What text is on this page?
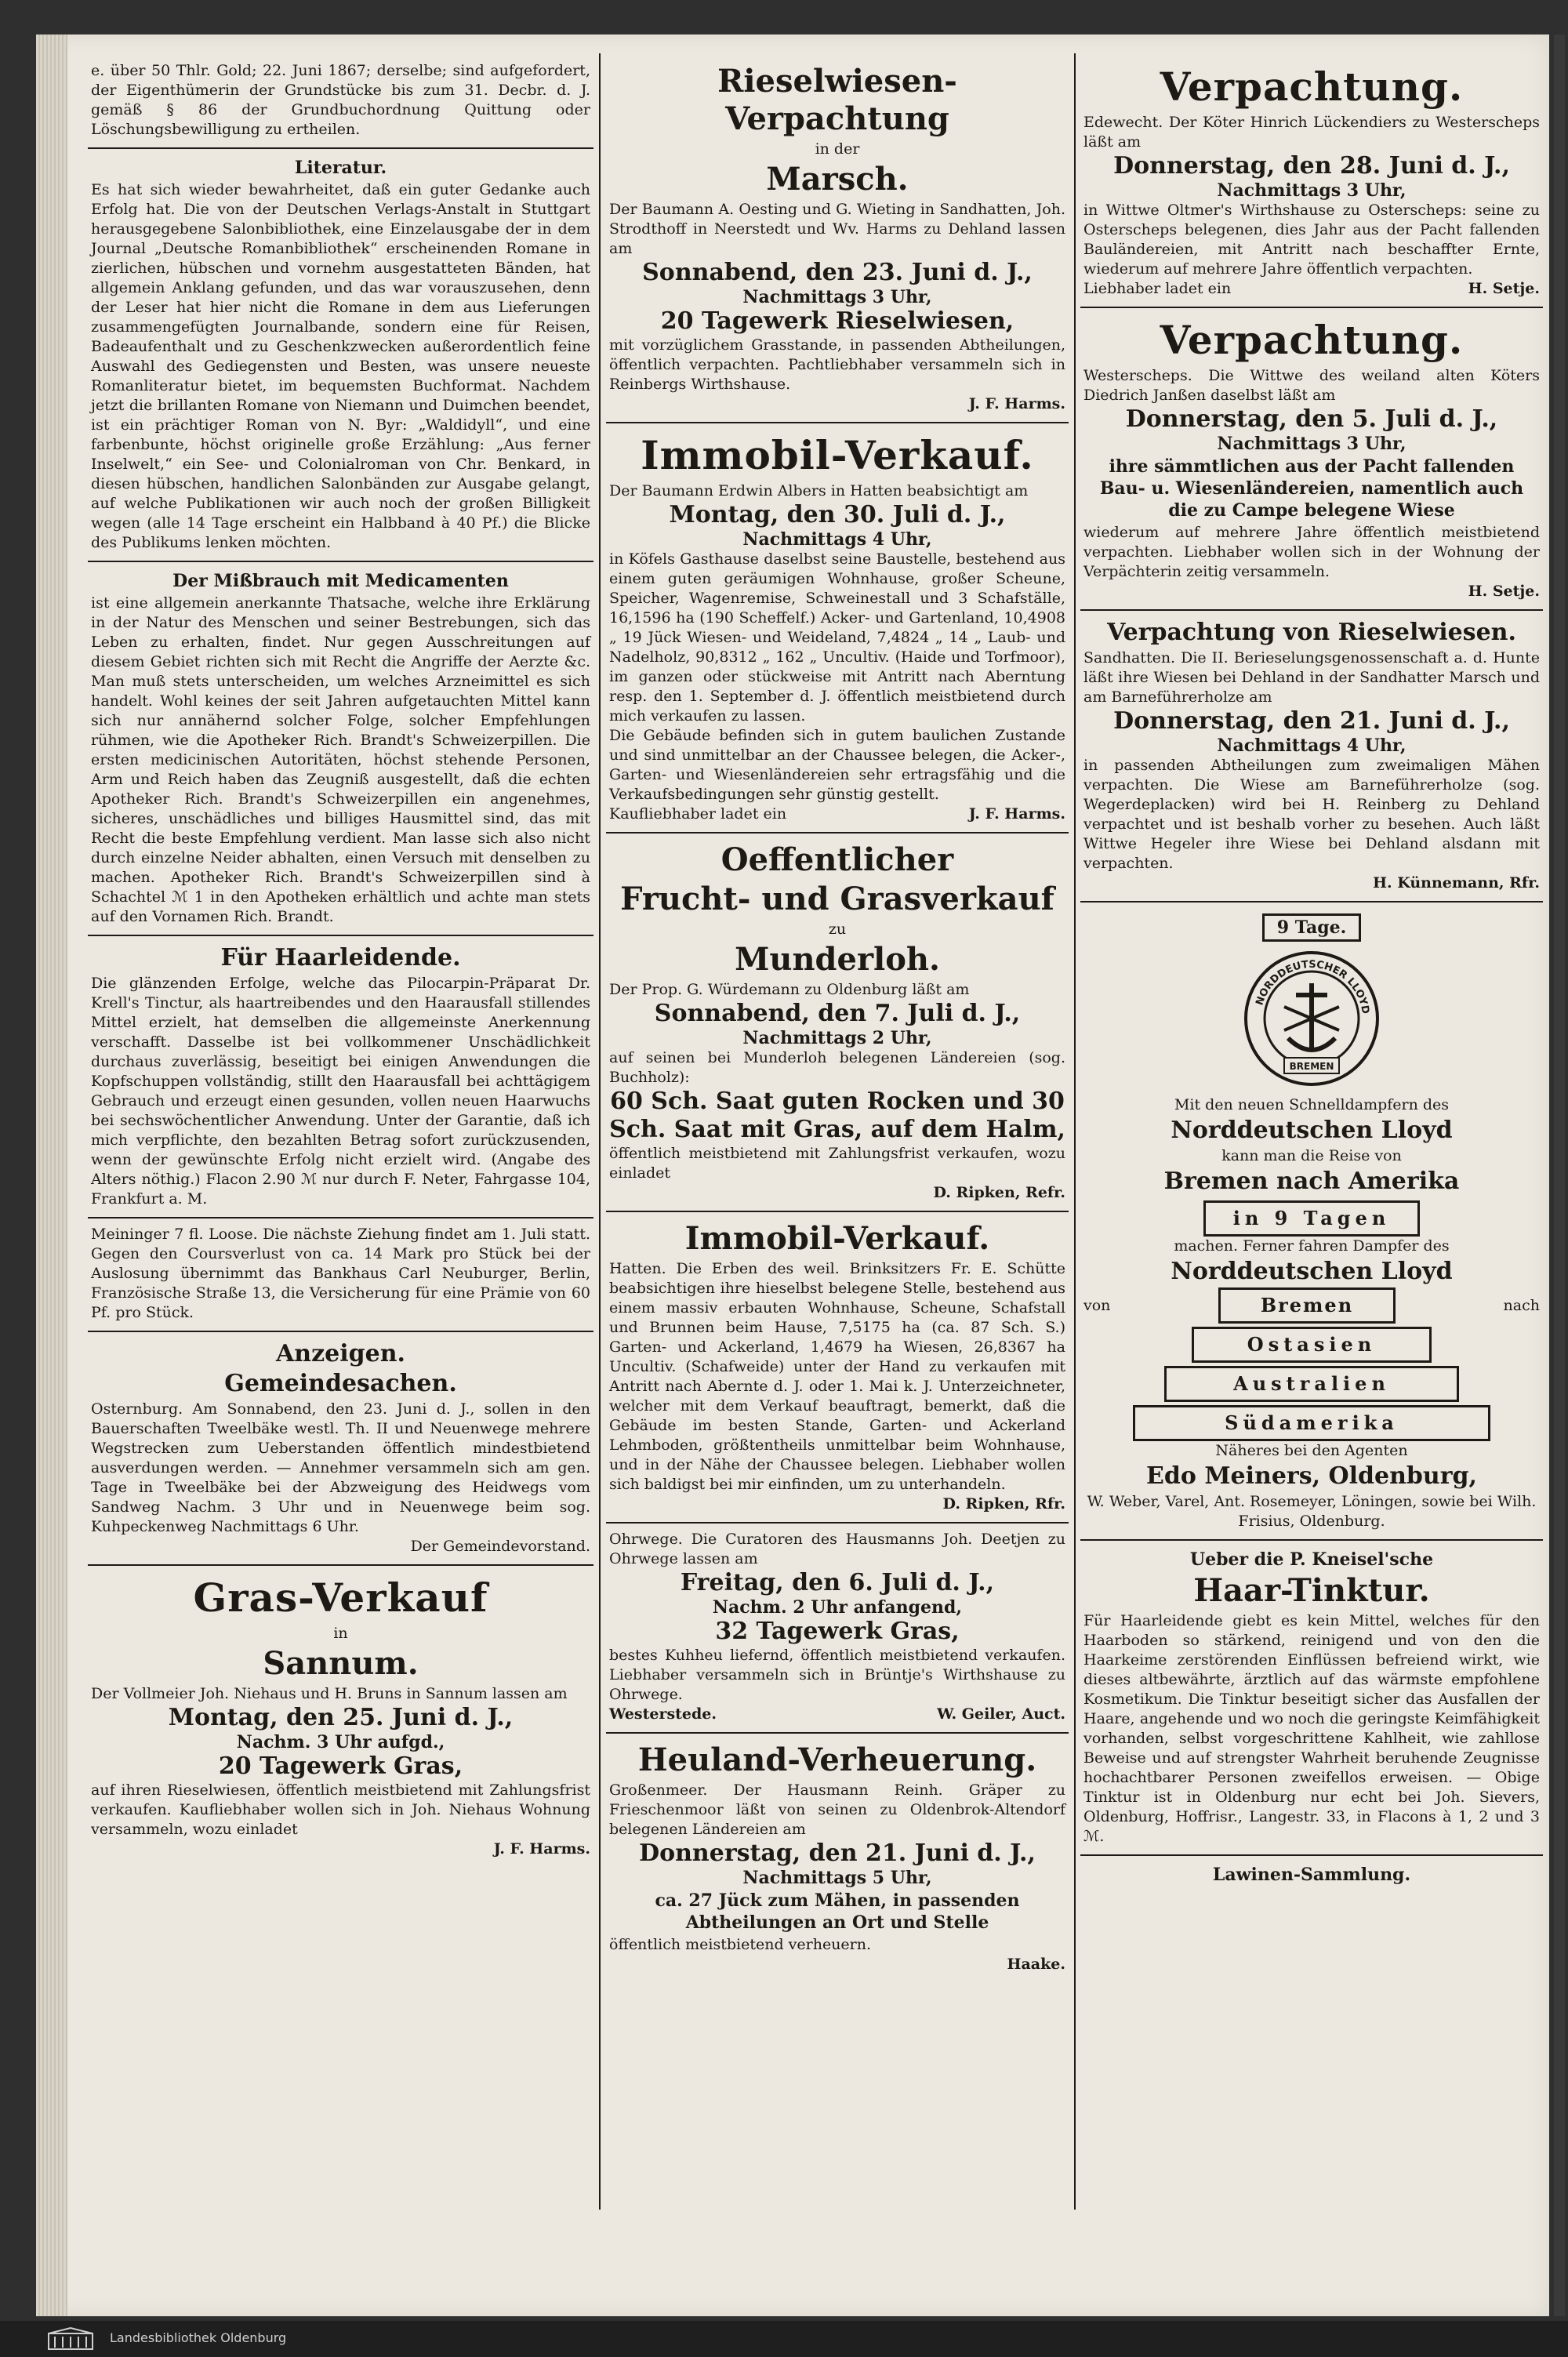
e. über 50 Thlr. Gold; 22. Juni 1867; derselbe; sind aufgefordert, der Eigenthümerin der Grundstücke bis zum 31. Decbr. d. J. gemäß § 86 der Grundbuchordnung Quittung oder Löschungsbewilligung zu ertheilen.

Literatur.

Es hat sich wieder bewahrheitet, daß ein guter Gedanke auch Erfolg hat. Die von der Deutschen Verlags-Anstalt in Stuttgart herausgegebene Salonbibliothek, eine Einzelausgabe der in dem Journal „Deutsche Romanbibliothek“ erscheinenden Romane in zierlichen, hübschen und vornehm ausgestatteten Bänden, hat allgemein Anklang gefunden, und das war vorauszusehen, denn der Leser hat hier nicht die Romane in dem aus Lieferungen zusammengefügten Journalbande, sondern eine für Reisen, Badeaufenthalt und zu Geschenkzwecken außerordentlich feine Auswahl des Gediegensten und Besten, was unsere neueste Romanliteratur bietet, im bequemsten Buchformat. Nachdem jetzt die brillanten Romane von Niemann und Duimchen beendet, ist ein prächtiger Roman von N. Byr: „Waldidyll“, und eine farbenbunte, höchst originelle große Erzählung: „Aus ferner Inselwelt,“ ein See- und Colonialroman von Chr. Benkard, in diesen hübschen, handlichen Salonbänden zur Ausgabe gelangt, auf welche Publikationen wir auch noch der großen Billigkeit wegen (alle 14 Tage erscheint ein Halbband à 40 Pf.) die Blicke des Publikums lenken möchten.

Der Mißbrauch mit Medicamenten

ist eine allgemein anerkannte Thatsache, welche ihre Erklärung in der Natur des Menschen und seiner Bestrebungen, sich das Leben zu erhalten, findet. Nur gegen Ausschreitungen auf diesem Gebiet richten sich mit Recht die Angriffe der Aerzte &c. Man muß stets unterscheiden, um welches Arzneimittel es sich handelt. Wohl keines der seit Jahren aufgetauchten Mittel kann sich nur annähernd solcher Folge, solcher Empfehlungen rühmen, wie die Apotheker Rich. Brandt's Schweizerpillen. Die ersten medicinischen Autoritäten, höchst stehende Personen, Arm und Reich haben das Zeugniß ausgestellt, daß die echten Apotheker Rich. Brandt's Schweizerpillen ein angenehmes, sicheres, unschädliches und billiges Hausmittel sind, das mit Recht die beste Empfehlung verdient. Man lasse sich also nicht durch einzelne Neider abhalten, einen Versuch mit denselben zu machen. Apotheker Rich. Brandt's Schweizerpillen sind à Schachtel ℳ 1 in den Apotheken erhältlich und achte man stets auf den Vornamen Rich. Brandt.

Für Haarleidende.

Die glänzenden Erfolge, welche das Pilocarpin-Präparat Dr. Krell's Tinctur, als haartreibendes und den Haarausfall stillendes Mittel erzielt, hat demselben die allgemeinste Anerkennung verschafft. Dasselbe ist bei vollkommener Unschädlichkeit durchaus zuverlässig, beseitigt bei einigen Anwendungen die Kopfschuppen vollständig, stillt den Haarausfall bei achttägigem Gebrauch und erzeugt einen gesunden, vollen neuen Haarwuchs bei sechswöchentlicher Anwendung. Unter der Garantie, daß ich mich verpflichte, den bezahlten Betrag sofort zurückzusenden, wenn der gewünschte Erfolg nicht erzielt wird. (Angabe des Alters nöthig.) Flacon 2.90 ℳ nur durch F. Neter, Fahrgasse 104, Frankfurt a. M.

Meininger 7 fl. Loose. Die nächste Ziehung findet am 1. Juli statt. Gegen den Coursverlust von ca. 14 Mark pro Stück bei der Auslosung übernimmt das Bankhaus Carl Neuburger, Berlin, Französische Straße 13, die Versicherung für eine Prämie von 60 Pf. pro Stück.

Anzeigen.
Gemeindesachen.

Osternburg. Am Sonnabend, den 23. Juni d. J., sollen in den Bauerschaften Tweelbäke westl. Th. II und Neuenwege mehrere Wegstrecken zum Ueberstanden öffentlich mindestbietend ausverdungen werden. — Annehmer versammeln sich am gen. Tage in Tweelbäke bei der Abzweigung des Heidwegs vom Sandweg Nachm. 3 Uhr und in Neuenwege beim sog. Kuhpeckenweg Nachmittags 6 Uhr.

Der Gemeindevorstand.

Gras-Verkauf

in

Sannum.

Der Vollmeier Joh. Niehaus und H. Bruns in Sannum lassen am

Montag, den 25. Juni d. J.,
Nachm. 3 Uhr aufgd.,
20 Tagewerk Gras,

auf ihren Rieselwiesen, öffentlich meistbietend mit Zahlungsfrist verkaufen. Kaufliebhaber wollen sich in Joh. Niehaus Wohnung versammeln, wozu einladet

J. F. Harms.

Rieselwiesen-Verpachtung

in der

Marsch.

Der Baumann A. Oesting und G. Wieting in Sandhatten, Joh. Strodthoff in Neerstedt und Wv. Harms zu Dehland lassen am

Sonnabend, den 23. Juni d. J.,
Nachmittags 3 Uhr,
20 Tagewerk Rieselwiesen,

mit vorzüglichem Grasstande, in passenden Abtheilungen, öffentlich verpachten. Pachtliebhaber versammeln sich in Reinbergs Wirthshause.

J. F. Harms.

Immobil-Verkauf.

Der Baumann Erdwin Albers in Hatten beabsichtigt am

Montag, den 30. Juli d. J.,
Nachmittags 4 Uhr,

in Köfels Gasthause daselbst seine Baustelle, bestehend aus einem guten geräumigen Wohnhause, großer Scheune, Speicher, Wagenremise, Schweinestall und 3 Schafställe, 16,1596 ha (190 Scheffelf.) Acker- und Gartenland, 10,4908 „ 19 Jück Wiesen- und Weideland, 7,4824 „ 14 „ Laub- und Nadelholz, 90,8312 „ 162 „ Uncultiv. (Haide und Torfmoor), im ganzen oder stückweise mit Antritt nach Aberntung resp. den 1. September d. J. öffentlich meistbietend durch mich verkaufen zu lassen.

Die Gebäude befinden sich in gutem baulichen Zustande und sind unmittelbar an der Chaussee belegen, die Acker-, Garten- und Wiesenländereien sehr ertragsfähig und die Verkaufsbedingungen sehr günstig gestellt.

Kaufliebhaber ladet ein	J. F. Harms.
Oeffentlicher
Frucht- und Grasverkauf

zu

Munderloh.

Der Prop. G. Würdemann zu Oldenburg läßt am

Sonnabend, den 7. Juli d. J.,
Nachmittags 2 Uhr,

auf seinen bei Munderloh belegenen Ländereien (sog. Buchholz):

60 Sch. Saat guten Rocken und 30 Sch. Saat mit Gras, auf dem Halm,

öffentlich meistbietend mit Zahlungsfrist verkaufen, wozu einladet

D. Ripken, Refr.

Immobil-Verkauf.

Hatten. Die Erben des weil. Brinksitzers Fr. E. Schütte beabsichtigen ihre hieselbst belegene Stelle, bestehend aus einem massiv erbauten Wohnhause, Scheune, Schafstall und Brunnen beim Hause, 7,5175 ha (ca. 87 Sch. S.) Garten- und Ackerland, 1,4679 ha Wiesen, 26,8367 ha Uncultiv. (Schafweide) unter der Hand zu verkaufen mit Antritt nach Abernte d. J. oder 1. Mai k. J. Unterzeichneter, welcher mit dem Verkauf beauftragt, bemerkt, daß die Gebäude im besten Stande, Garten- und Ackerland Lehmboden, größtentheils unmittelbar beim Wohnhause, und in der Nähe der Chaussee belegen. Liebhaber wollen sich baldigst bei mir einfinden, um zu unterhandeln.

D. Ripken, Rfr.

Ohrwege. Die Curatoren des Hausmanns Joh. Deetjen zu Ohrwege lassen am

Freitag, den 6. Juli d. J.,
Nachm. 2 Uhr anfangend,
32 Tagewerk Gras,

bestes Kuhheu liefernd, öffentlich meistbietend verkaufen. Liebhaber versammeln sich in Brüntje's Wirthshause zu Ohrwege.

Westerstede.	W. Geiler, Auct.
Heuland-Verheuerung.

Großenmeer. Der Hausmann Reinh. Gräper zu Frieschenmoor läßt von seinen zu Oldenbrok-Altendorf belegenen Ländereien am

Donnerstag, den 21. Juni d. J.,
Nachmittags 5 Uhr,
ca. 27 Jück zum Mähen, in passenden Abtheilungen an Ort und Stelle

öffentlich meistbietend verheuern.

Haake.

Verpachtung.

Edewecht. Der Köter Hinrich Lückendiers zu Westerscheps läßt am

Donnerstag, den 28. Juni d. J.,
Nachmittags 3 Uhr,

in Wittwe Oltmer's Wirthshause zu Osterscheps: seine zu Osterscheps belegenen, dies Jahr aus der Pacht fallenden Bauländereien, mit Antritt nach beschaffter Ernte, wiederum auf mehrere Jahre öffentlich verpachten.

Liebhaber ladet ein	H. Setje.
Verpachtung.

Westerscheps. Die Wittwe des weiland alten Köters Diedrich Janßen daselbst läßt am

Donnerstag, den 5. Juli d. J.,
Nachmittags 3 Uhr,
ihre sämmtlichen aus der Pacht fallenden Bau- u. Wiesenländereien, namentlich auch die zu Campe belegene Wiese

wiederum auf mehrere Jahre öffentlich meistbietend verpachten. Liebhaber wollen sich in der Wohnung der Verpächterin zeitig versammeln.

H. Setje.

Verpachtung von Rieselwiesen.

Sandhatten. Die II. Berieselungsgenossenschaft a. d. Hunte läßt ihre Wiesen bei Dehland in der Sandhatter Marsch und am Barneführerholze am

Donnerstag, den 21. Juni d. J.,
Nachmittags 4 Uhr,

in passenden Abtheilungen zum zweimaligen Mähen verpachten. Die Wiese am Barneführerholze (sog. Wegerdeplacken) wird bei H. Reinberg zu Dehland verpachtet und ist beshalb vorher zu besehen. Auch läßt Wittwe Hegeler ihre Wiese bei Dehland alsdann mit verpachten.

H. Künnemann, Rfr.

9 Tage.
NORDDEUTSCHER LLOYD
BREMEN

Mit den neuen Schnelldampfern des

Norddeutschen Lloyd

kann man die Reise von

Bremen nach Amerika
in 9 Tagen

machen. Ferner fahren Dampfer des

Norddeutschen Lloyd
von	Bremen	nach
Ostasien
Australien
Südamerika

Näheres bei den Agenten

Edo Meiners, Oldenburg,

W. Weber, Varel, Ant. Rosemeyer, Löningen, sowie bei Wilh. Frisius, Oldenburg.

Ueber die P. Kneisel'sche
Haar-Tinktur.

Für Haarleidende giebt es kein Mittel, welches für den Haarboden so stärkend, reinigend und von den die Haarkeime zerstörenden Einflüssen befreiend wirkt, wie dieses altbewährte, ärztlich auf das wärmste empfohlene Kosmetikum. Die Tinktur beseitigt sicher das Ausfallen der Haare, angehende und wo noch die geringste Keimfähigkeit vorhanden, selbst vorgeschrittene Kahlheit, wie zahllose Beweise und auf strengster Wahrheit beruhende Zeugnisse hochachtbarer Personen zweifellos erweisen. — Obige Tinktur ist in Oldenburg nur echt bei Joh. Sievers, Oldenburg, Hoffrisr., Langestr. 33, in Flacons à 1, 2 und 3 ℳ.

Lawinen-Sammlung.
Landesbibliothek Oldenburg
